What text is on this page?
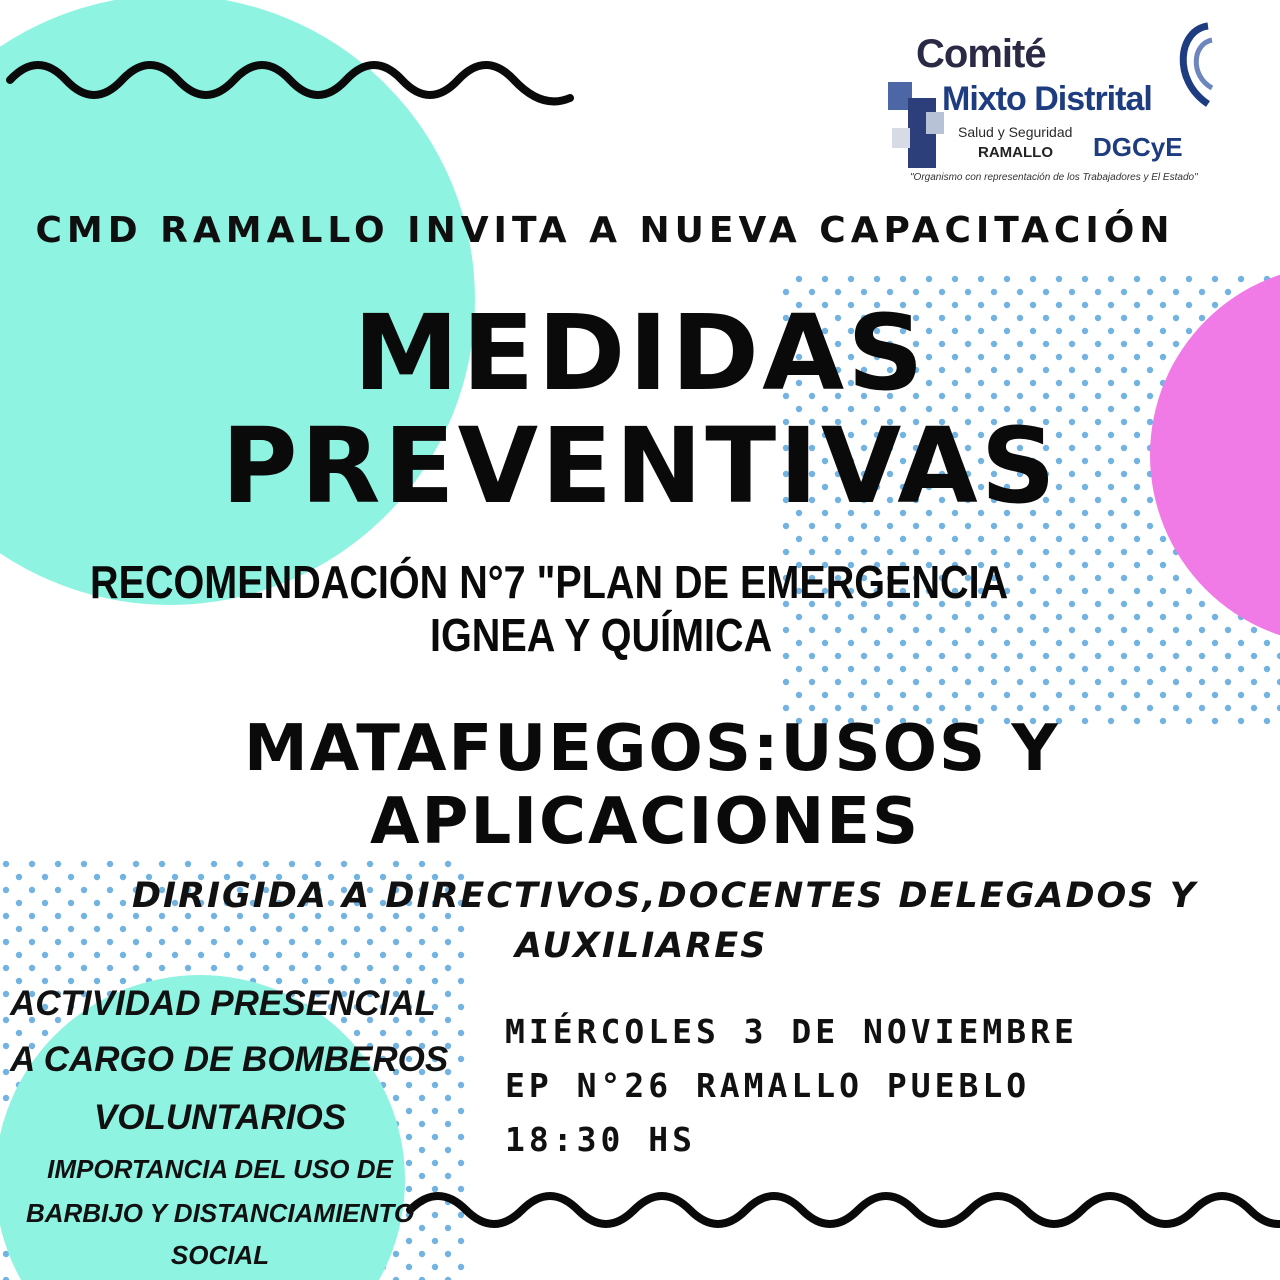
Comité
Mixto Distrital
Salud y Seguridad
RAMALLO DGCyE
"Organismo con representación de los Trabajadores y El Estado"
CMD RAMALLO INVITA A NUEVA CAPACITACIÓN
MEDIDAS
PREVENTIVAS
RECOMENDACIÓN N°7 "PLAN DE EMERGENCIA
IGNEA Y QUÍMICA
MATAFUEGOS:USOS Y
APLICACIONES
DIRIGIDA A DIRECTIVOS,DOCENTES DELEGADOS Y
AUXILIARES
ACTIVIDAD PRESENCIAL
A CARGO DE BOMBEROS
VOLUNTARIOS
IMPORTANCIA DEL USO DE
BARBIJO Y DISTANCIAMIENTO
SOCIAL
MIÉRCOLES 3 DE NOVIEMBRE
EP N°26 RAMALLO PUEBLO
18:30 HS
